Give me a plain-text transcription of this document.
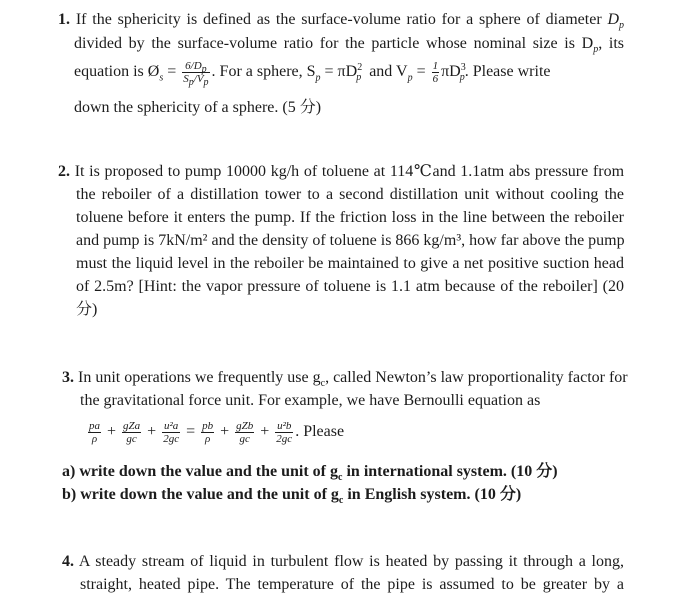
1. If the sphericity is defined as the surface-volume ratio for a sphere of diameter $D_p$
divided by the surface-volume ratio for the particle whose nominal size is $D_p$, its
equation is $Ø_s = \frac{6/D_p}{S_p/V_p}$ . For a sphere, $S_p = \pi D^2_p$ and $V_p = \frac{1}{6} \pi D^3_p$. Please write
down the sphericity of a sphere. (5 分)
2. It is proposed to pump 10000 kg/h of toluene at 114℃and 1.1atm abs pressure from
the reboiler of a distillation tower to a second distillation unit without cooling the
toluene before it enters the pump. If the friction loss in the line between the reboiler
and pump is 7kN/m² and the density of toluene is 866 kg/m³, how far above the pump
must the liquid level in the reboiler be maintained to give a net positive suction head
of 2.5m? [Hint: the vapor pressure of toluene is 1.1 atm because of the reboiler] (20
分)
3. In unit operations we frequently use $g_c$, called Newton’s law proportionality factor for
the gravitational force unit. For example, we have Bernoulli equation as
$\frac{pa}{\rho} + \frac{\text{gZa}}{gc} + \frac{\text{u²a}}{2gc} = \frac{pb}{\rho} + \frac{\text{gZb}}{gc} + \frac{\text{u²b}}{2gc}$ . Please
a) write down the value and the unit of $g_c$ in international system. (10 分)
b) write down the value and the unit of $g_c$ in English system. (10 分)
4. A steady stream of liquid in turbulent flow is heated by passing it through a long,
straight, heated pipe. The temperature of the pipe is assumed to be greater by a
